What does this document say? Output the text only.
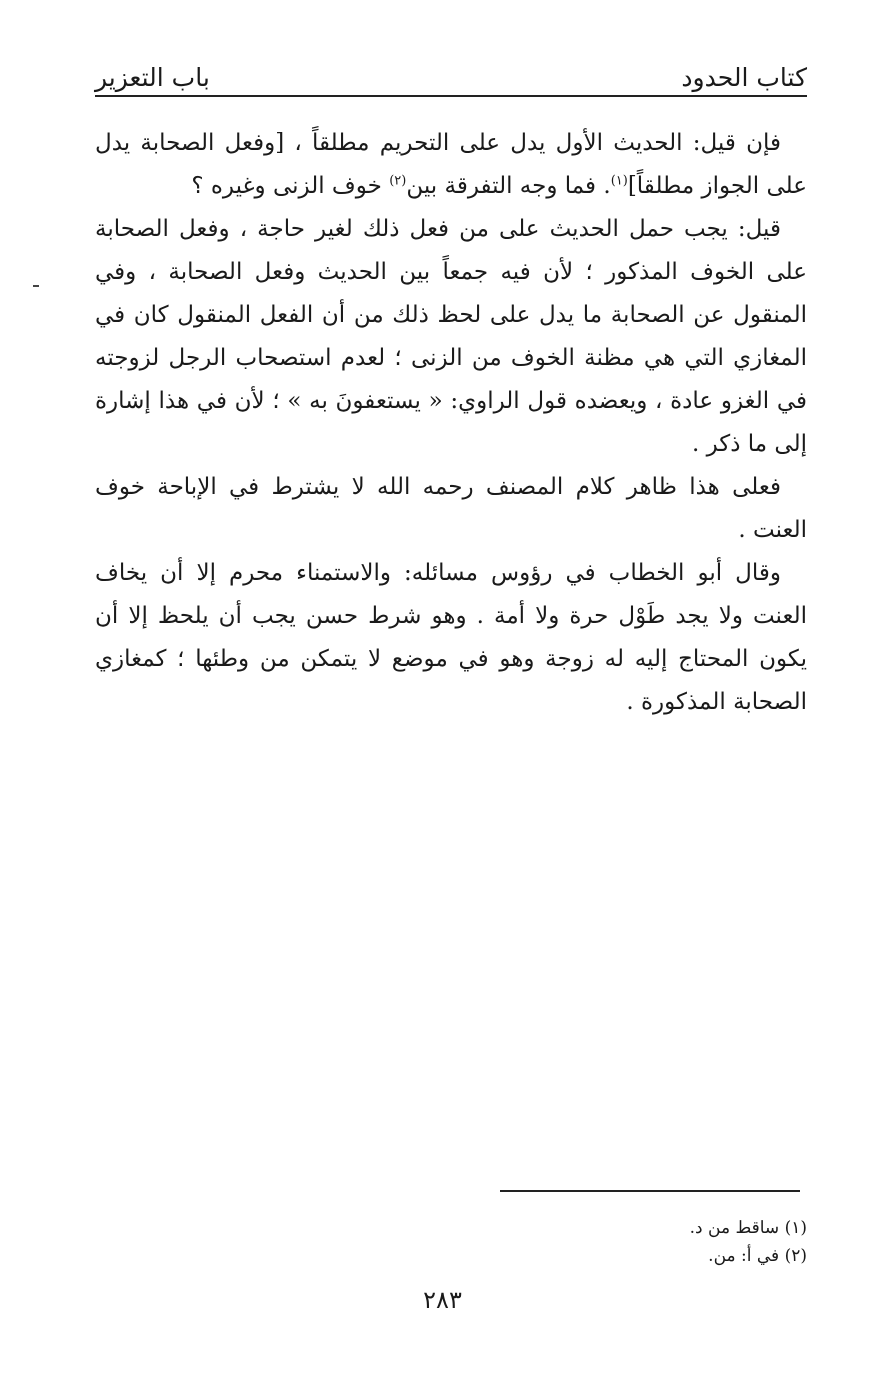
كتاب الحدود
باب التعزير

فإن قيل: الحديث الأول يدل على التحريم مطلقاً ، [وفعل الصحابة يدل على الجواز مطلقاً]$^{(١)}$. فما وجه التفرقة بين$^{(٢)}$ خوف الزنى وغيره ؟

قيل: يجب حمل الحديث على من فعل ذلك لغير حاجة ، وفعل الصحابة على الخوف المذكور ؛ لأن فيه جمعاً بين الحديث وفعل الصحابة ، وفي المنقول عن الصحابة ما يدل على لحظ ذلك من أن الفعل المنقول كان في المغازي التي هي مظنة الخوف من الزنى ؛ لعدم استصحاب الرجل لزوجته في الغزو عادة ، ويعضده قول الراوي: « يستعفونَ به » ؛ لأن في هذا إشارة إلى ما ذكر .

فعلى هذا ظاهر كلام المصنف رحمه الله لا يشترط في الإباحة خوف العنت .

وقال أبو الخطاب في رؤوس مسائله: والاستمناء محرم إلا أن يخاف العنت ولا يجد طَوْل حرة ولا أمة . وهو شرط حسن يجب أن يلحظ إلا أن يكون المحتاج إليه له زوجة وهو في موضع لا يتمكن من وطئها ؛ كمغازي الصحابة المذكورة .

(١) ساقط من د.
(٢) في أ: من.
٢٨٣
